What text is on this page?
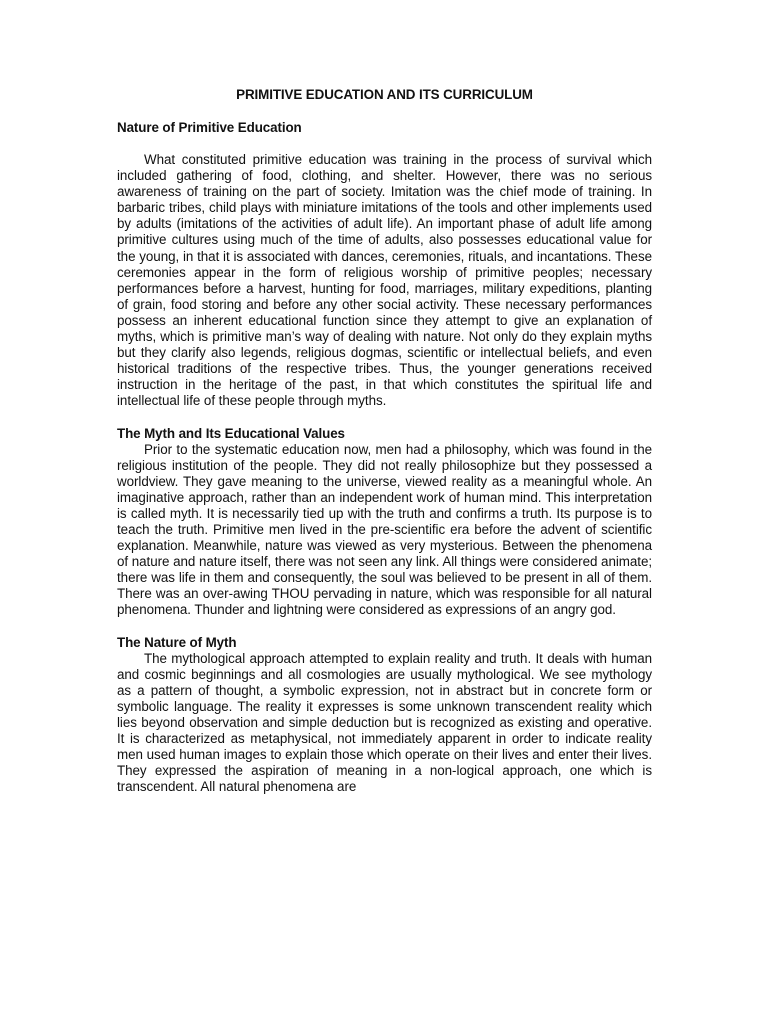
PRIMITIVE EDUCATION AND ITS CURRICULUM
Nature of Primitive Education

What constituted primitive education was training in the process of survival which included gathering of food, clothing, and shelter. However, there was no serious awareness of training on the part of society. Imitation was the chief mode of training. In barbaric tribes, child plays with miniature imitations of the tools and other implements used by adults (imitations of the activities of adult life). An important phase of adult life among primitive cultures using much of the time of adults, also possesses educational value for the young, in that it is associated with dances, ceremonies, rituals, and incantations. These ceremonies appear in the form of religious worship of primitive peoples; necessary performances before a harvest, hunting for food, marriages, military expeditions, planting of grain, food storing and before any other social activity. These necessary performances possess an inherent educational function since they attempt to give an explanation of myths, which is primitive man’s way of dealing with nature. Not only do they explain myths but they clarify also legends, religious dogmas, scientific or intellectual beliefs, and even historical traditions of the respective tribes. Thus, the younger generations received instruction in the heritage of the past, in that which constitutes the spiritual life and intellectual life of these people through myths.

The Myth and Its Educational Values

Prior to the systematic education now, men had a philosophy, which was found in the religious institution of the people. They did not really philosophize but they possessed a worldview. They gave meaning to the universe, viewed reality as a meaningful whole. An imaginative approach, rather than an independent work of human mind. This interpretation is called myth. It is necessarily tied up with the truth and confirms a truth. Its purpose is to teach the truth. Primitive men lived in the pre-scientific era before the advent of scientific explanation. Meanwhile, nature was viewed as very mysterious. Between the phenomena of nature and nature itself, there was not seen any link. All things were considered animate; there was life in them and consequently, the soul was believed to be present in all of them. There was an over-awing THOU pervading in nature, which was responsible for all natural phenomena. Thunder and lightning were considered as expressions of an angry god.

The Nature of Myth

The mythological approach attempted to explain reality and truth. It deals with human and cosmic beginnings and all cosmologies are usually mythological. We see mythology as a pattern of thought, a symbolic expression, not in abstract but in concrete form or symbolic language. The reality it expresses is some unknown transcendent reality which lies beyond observation and simple deduction but is recognized as existing and operative. It is characterized as metaphysical, not immediately apparent in order to indicate reality men used human images to explain those which operate on their lives and enter their lives. They expressed the aspiration of meaning in a non-logical approach, one which is transcendent. All natural phenomena are
